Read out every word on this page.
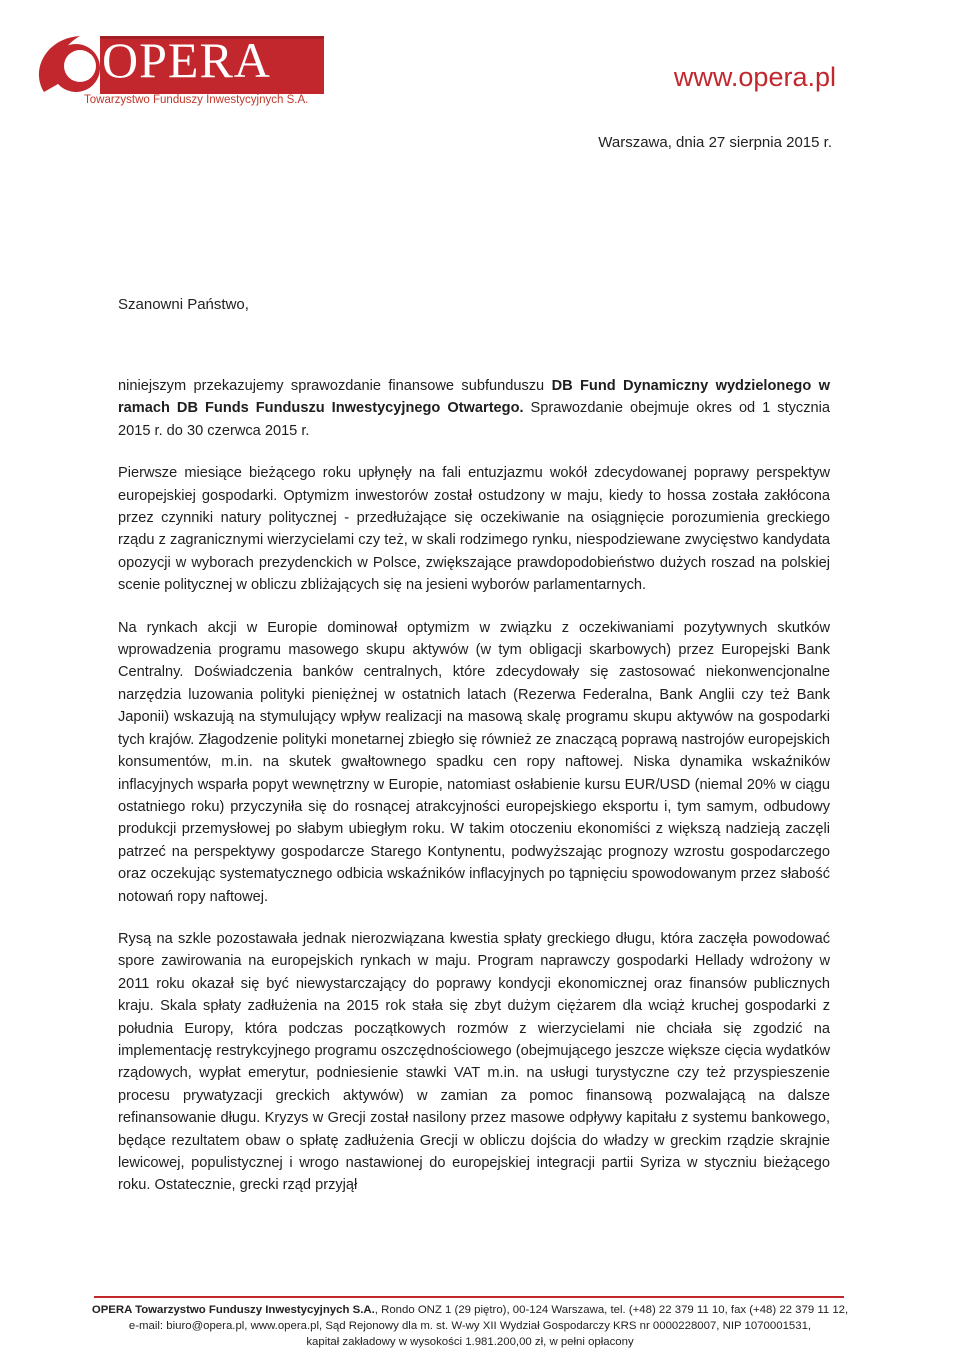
OPERA
Towarzystwo Funduszy Inwestycyjnych S.A.
www.opera.pl
Warszawa, dnia 27 sierpnia 2015 r.
Szanowni Państwo,

niniejszym przekazujemy sprawozdanie finansowe subfunduszu DB Fund Dynamiczny wydzielonego w ramach DB Funds Funduszu Inwestycyjnego Otwartego. Sprawozdanie obejmuje okres od 1 stycznia 2015 r. do 30 czerwca 2015 r.

Pierwsze miesiące bieżącego roku upłynęły na fali entuzjazmu wokół zdecydowanej poprawy perspektyw europejskiej gospodarki. Optymizm inwestorów został ostudzony w maju, kiedy to hossa została zakłócona przez czynniki natury politycznej - przedłużające się oczekiwanie na osiągnięcie porozumienia greckiego rządu z zagranicznymi wierzycielami czy też, w skali rodzimego rynku, niespodziewane zwycięstwo kandydata opozycji w wyborach prezydenckich w Polsce, zwiększające prawdopodobieństwo dużych roszad na polskiej scenie politycznej w obliczu zbliżających się na jesieni wyborów parlamentarnych.

Na rynkach akcji w Europie dominował optymizm w związku z oczekiwaniami pozytywnych skutków wprowadzenia programu masowego skupu aktywów (w tym obligacji skarbowych) przez Europejski Bank Centralny. Doświadczenia banków centralnych, które zdecydowały się zastosować niekonwencjonalne narzędzia luzowania polityki pieniężnej w ostatnich latach (Rezerwa Federalna, Bank Anglii czy też Bank Japonii) wskazują na stymulujący wpływ realizacji na masową skalę programu skupu aktywów na gospodarki tych krajów. Złagodzenie polityki monetarnej zbiegło się również ze znaczącą poprawą nastrojów europejskich konsumentów, m.in. na skutek gwałtownego spadku cen ropy naftowej. Niska dynamika wskaźników inflacyjnych wsparła popyt wewnętrzny w Europie, natomiast osłabienie kursu EUR/USD (niemal 20% w ciągu ostatniego roku) przyczyniła się do rosnącej atrakcyjności europejskiego eksportu i, tym samym, odbudowy produkcji przemysłowej po słabym ubiegłym roku. W takim otoczeniu ekonomiści z większą nadzieją zaczęli patrzeć na perspektywy gospodarcze Starego Kontynentu, podwyższając prognozy wzrostu gospodarczego oraz oczekując systematycznego odbicia wskaźników inflacyjnych po tąpnięciu spowodowanym przez słabość notowań ropy naftowej.

Rysą na szkle pozostawała jednak nierozwiązana kwestia spłaty greckiego długu, która zaczęła powodować spore zawirowania na europejskich rynkach w maju. Program naprawczy gospodarki Hellady wdrożony w 2011 roku okazał się być niewystarczający do poprawy kondycji ekonomicznej oraz finansów publicznych kraju. Skala spłaty zadłużenia na 2015 rok stała się zbyt dużym ciężarem dla wciąż kruchej gospodarki z południa Europy, która podczas początkowych rozmów z wierzycielami nie chciała się zgodzić na implementację restrykcyjnego programu oszczędnościowego (obejmującego jeszcze większe cięcia wydatków rządowych, wypłat emerytur, podniesienie stawki VAT m.in. na usługi turystyczne czy też przyspieszenie procesu prywatyzacji greckich aktywów) w zamian za pomoc finansową pozwalającą na dalsze refinansowanie długu. Kryzys w Grecji został nasilony przez masowe odpływy kapitału z systemu bankowego, będące rezultatem obaw o spłatę zadłużenia Grecji w obliczu dojścia do władzy w greckim rządzie skrajnie lewicowej, populistycznej i wrogo nastawionej do europejskiej integracji partii Syriza w styczniu bieżącego roku. Ostatecznie, grecki rząd przyjął

OPERA Towarzystwo Funduszy Inwestycyjnych S.A., Rondo ONZ 1 (29 piętro), 00-124 Warszawa, tel. (+48) 22 379 11 10, fax (+48) 22 379 11 12,
e-mail: biuro@opera.pl, www.opera.pl, Sąd Rejonowy dla m. st. W-wy XII Wydział Gospodarczy KRS nr 0000228007, NIP 1070001531,
kapitał zakładowy w wysokości 1.981.200,00 zł, w pełni opłacony
